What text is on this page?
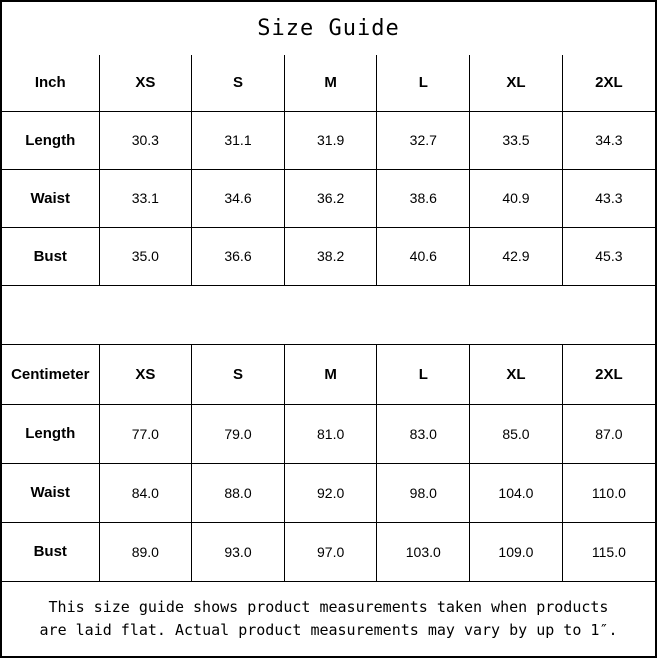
Size Guide
Inch	XS	S	M	L	XL	2XL
Length	30.3	31.1	31.9	32.7	33.5	34.3
Waist	33.1	34.6	36.2	38.6	40.9	43.3
Bust	35.0	36.6	38.2	40.6	42.9	45.3
Centimeter	XS	S	M	L	XL	2XL
Length	77.0	79.0	81.0	83.0	85.0	87.0
Waist	84.0	88.0	92.0	98.0	104.0	110.0
Bust	89.0	93.0	97.0	103.0	109.0	115.0
This size guide shows product measurements taken when products
are laid flat. Actual product measurements may vary by up to 1″.
